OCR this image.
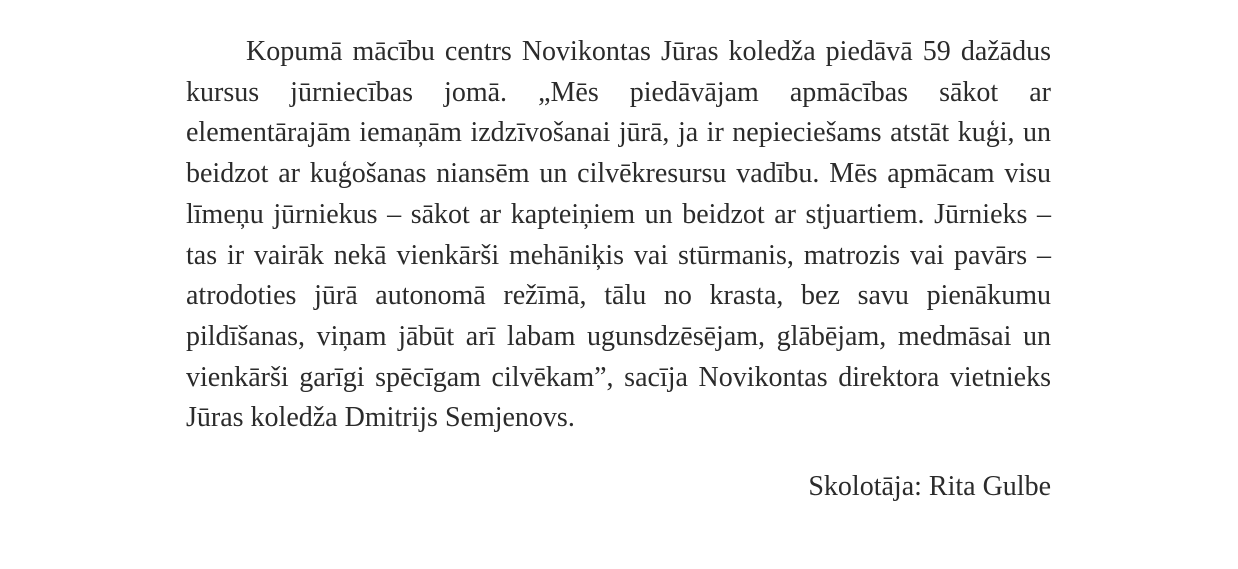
Kopumā mācību centrs Novikontas Jūras koledža piedāvā 59 dažādus kursus jūrniecības jomā. „Mēs piedāvājam apmācības sākot ar elementārajām iemaņām izdzīvošanai jūrā, ja ir nepieciešams atstāt kuģi, un beidzot ar kuģošanas niansēm un cilvēkresursu vadību. Mēs apmācam visu līmeņu jūrniekus – sākot ar kapteiņiem un beidzot ar stjuartiem. Jūrnieks – tas ir vairāk nekā vienkārši mehāniķis vai stūrmanis, matrozis vai pavārs – atrodoties jūrā autonomā režīmā, tālu no krasta, bez savu pienākumu pildīšanas, viņam jābūt arī labam ugunsdzēsējam, glābējam, medmāsai un vienkārši garīgi spēcīgam cilvēkam”, sacīja Novikontas direktora vietnieks Jūras koledža Dmitrijs Semjenovs.

Skolotāja: Rita Gulbe
